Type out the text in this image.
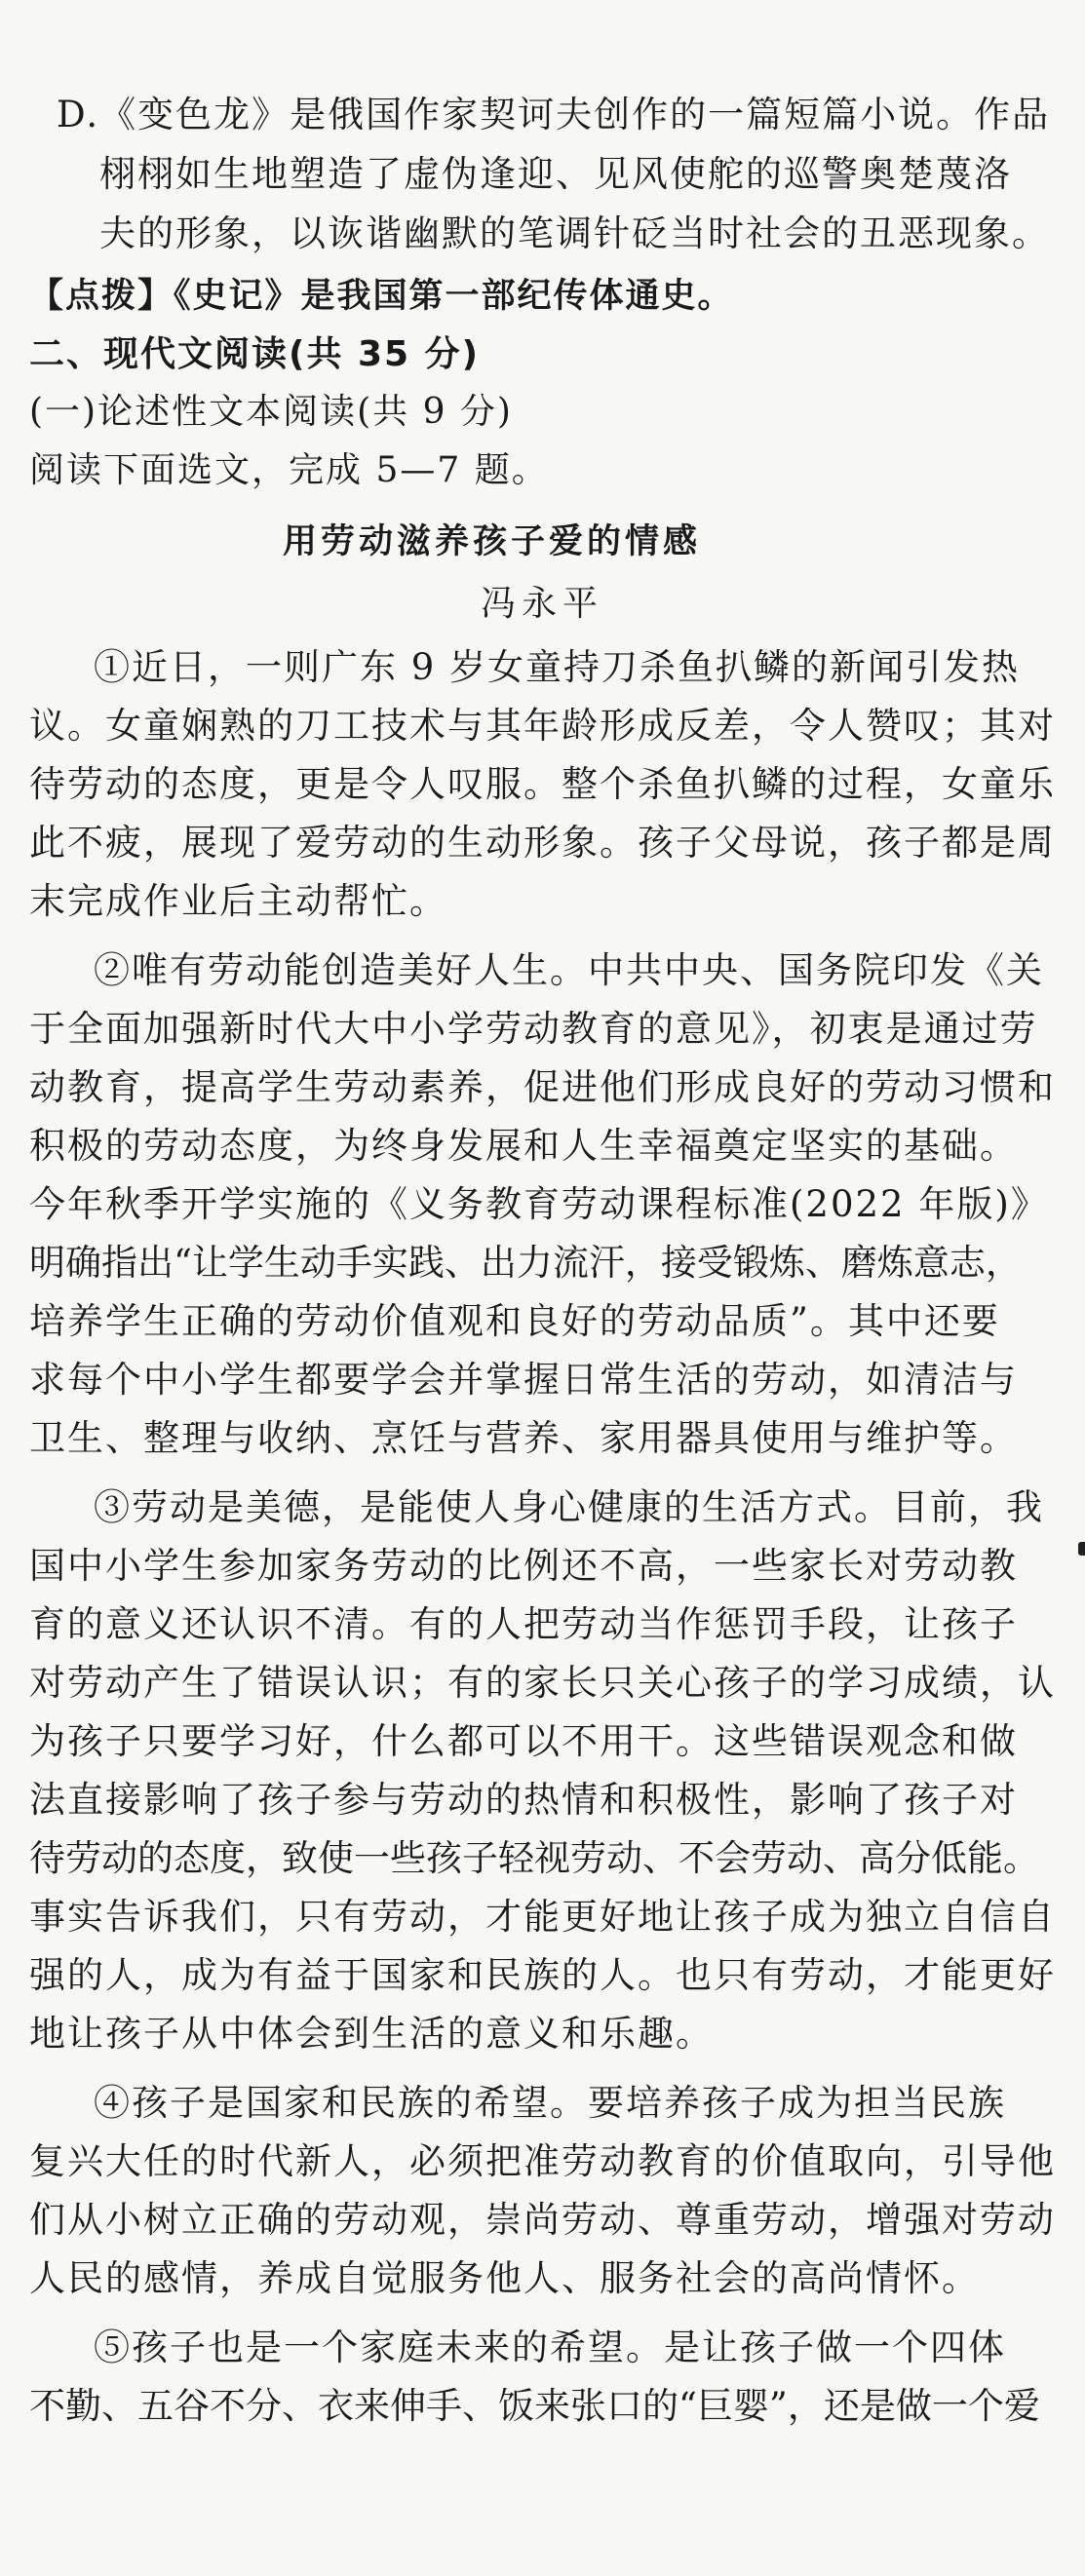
D.《变色龙》是俄国作家契诃夫创作的一篇短篇小说。作品
栩栩如生地塑造了虚伪逢迎、见风使舵的巡警奥楚蔑洛
夫的形象，以诙谐幽默的笔调针砭当时社会的丑恶现象。
【点拨】《史记》是我国第一部纪传体通史。
二、现代文阅读(共 35 分)
(一)论述性文本阅读(共 9 分)
阅读下面选文，完成 5—7 题。
用劳动滋养孩子爱的情感
冯永平
①近日，一则广东 9 岁女童持刀杀鱼扒鳞的新闻引发热
议。女童娴熟的刀工技术与其年龄形成反差，令人赞叹；其对
待劳动的态度，更是令人叹服。整个杀鱼扒鳞的过程，女童乐
此不疲，展现了爱劳动的生动形象。孩子父母说，孩子都是周
末完成作业后主动帮忙。
②唯有劳动能创造美好人生。中共中央、国务院印发《关
于全面加强新时代大中小学劳动教育的意见》，初衷是通过劳
动教育，提高学生劳动素养，促进他们形成良好的劳动习惯和
积极的劳动态度，为终身发展和人生幸福奠定坚实的基础。
今年秋季开学实施的《义务教育劳动课程标准(2022 年版)》
明确指出“让学生动手实践、出力流汗，接受锻炼、磨炼意志，
培养学生正确的劳动价值观和良好的劳动品质”。其中还要
求每个中小学生都要学会并掌握日常生活的劳动，如清洁与
卫生、整理与收纳、烹饪与营养、家用器具使用与维护等。
③劳动是美德，是能使人身心健康的生活方式。目前，我
国中小学生参加家务劳动的比例还不高，一些家长对劳动教
育的意义还认识不清。有的人把劳动当作惩罚手段，让孩子
对劳动产生了错误认识；有的家长只关心孩子的学习成绩，认
为孩子只要学习好，什么都可以不用干。这些错误观念和做
法直接影响了孩子参与劳动的热情和积极性，影响了孩子对
待劳动的态度，致使一些孩子轻视劳动、不会劳动、高分低能。
事实告诉我们，只有劳动，才能更好地让孩子成为独立自信自
强的人，成为有益于国家和民族的人。也只有劳动，才能更好
地让孩子从中体会到生活的意义和乐趣。
④孩子是国家和民族的希望。要培养孩子成为担当民族
复兴大任的时代新人，必须把准劳动教育的价值取向，引导他
们从小树立正确的劳动观，崇尚劳动、尊重劳动，增强对劳动
人民的感情，养成自觉服务他人、服务社会的高尚情怀。
⑤孩子也是一个家庭未来的希望。是让孩子做一个四体
不勤、五谷不分、衣来伸手、饭来张口的“巨婴”，还是做一个爱
